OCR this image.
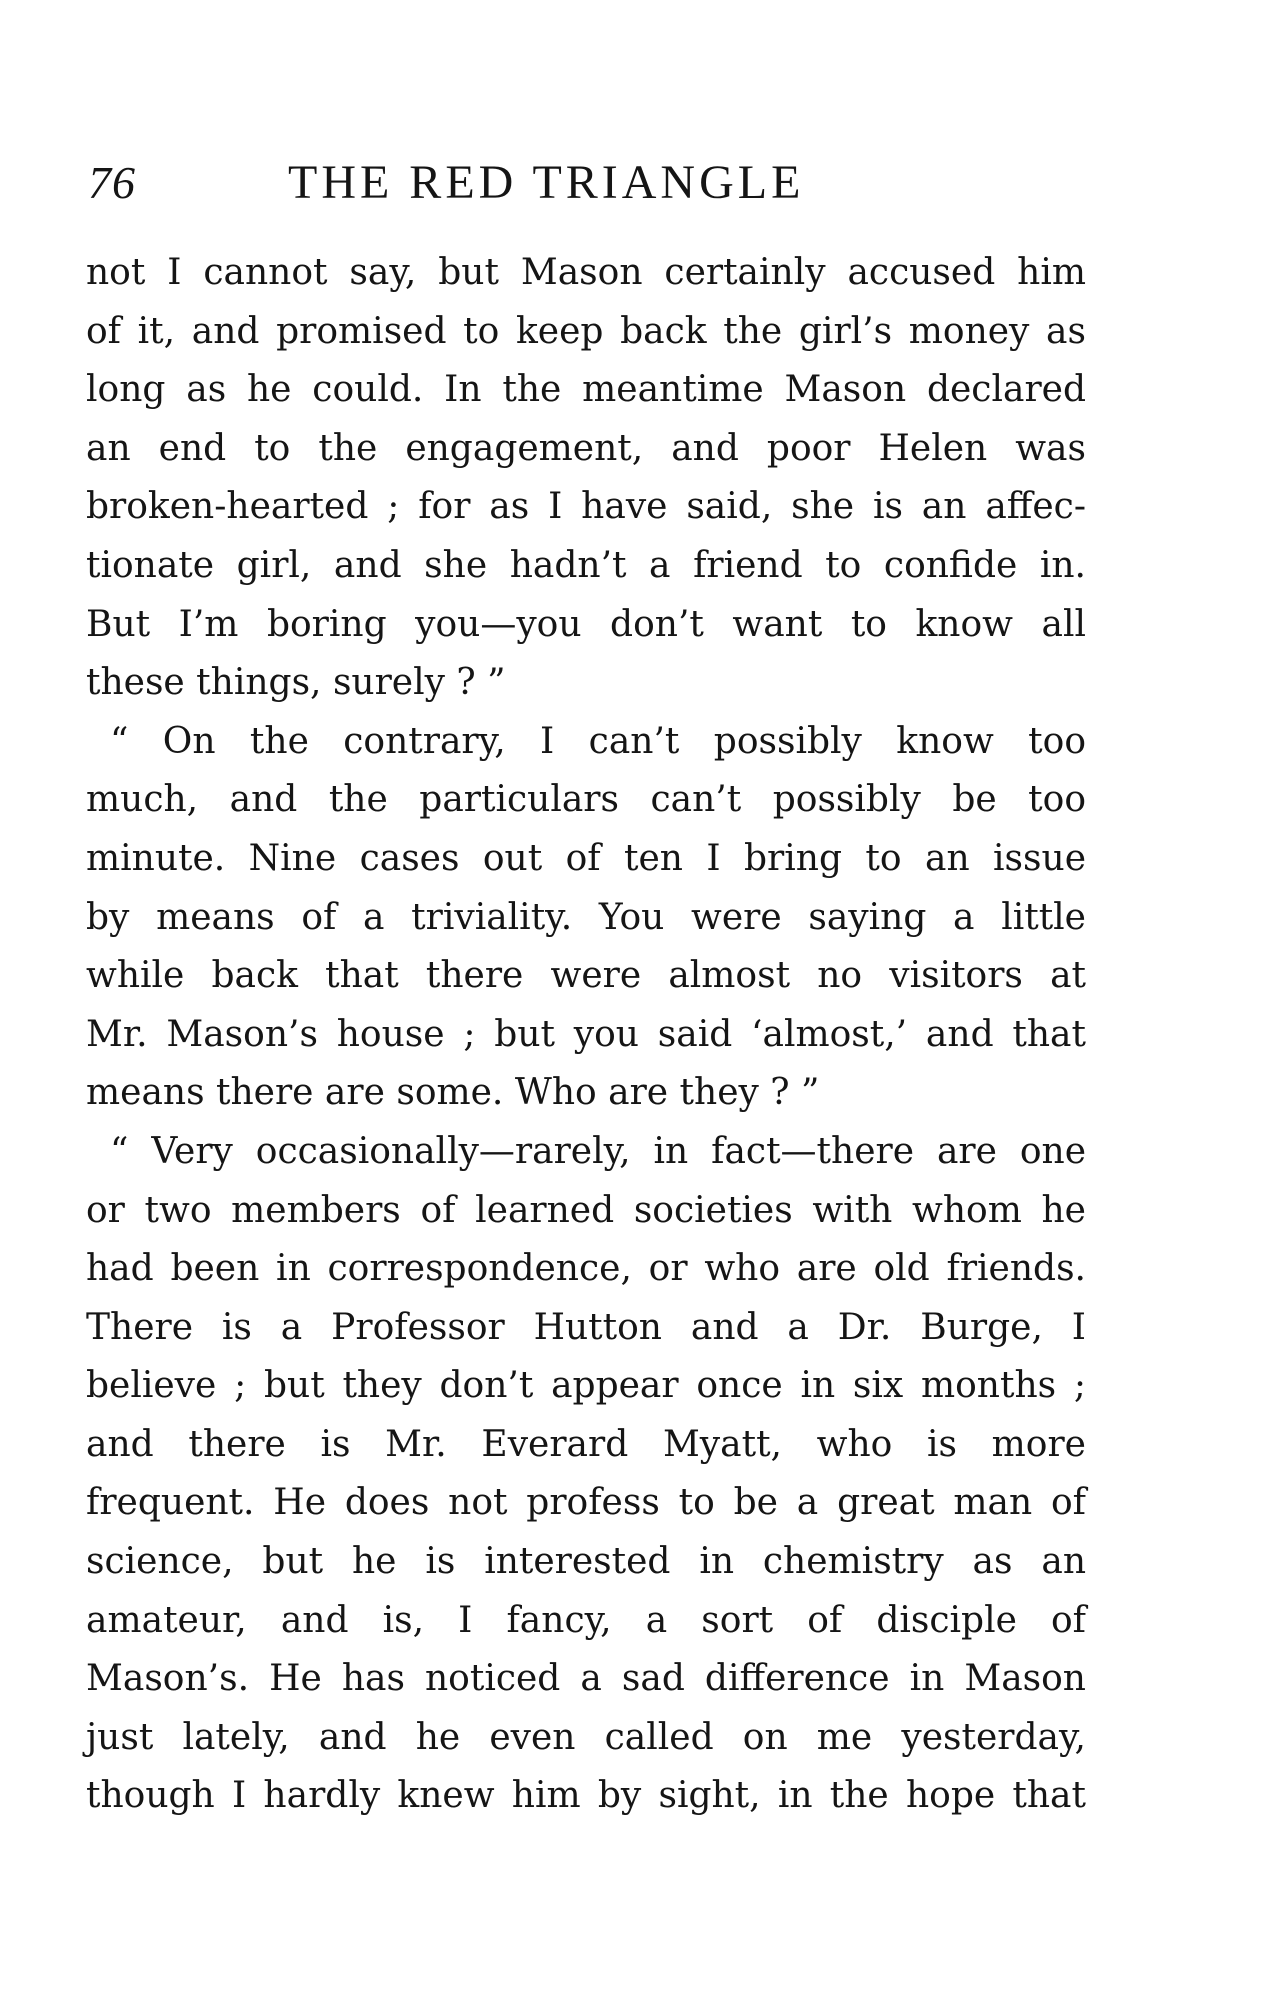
76	THE RED TRIANGLE
not I cannot say, but Mason certainly accused him
of it, and promised to keep back the girl’s money as
long as he could. In the meantime Mason declared
an end to the engagement, and poor Helen was
broken-hearted ; for as I have said, she is an affec-
tionate girl, and she hadn’t a friend to confide in.
But I’m boring you—you don’t want to know all
these things, surely ? ”
“ On the contrary, I can’t possibly know too
much, and the particulars can’t possibly be too
minute. Nine cases out of ten I bring to an issue
by means of a triviality. You were saying a little
while back that there were almost no visitors at
Mr. Mason’s house ; but you said ‘almost,’ and that
means there are some. Who are they ? ”
“ Very occasionally—rarely, in fact—there are one
or two members of learned societies with whom he
had been in correspondence, or who are old friends.
There is a Professor Hutton and a Dr. Burge, I
believe ; but they don’t appear once in six months ;
and there is Mr. Everard Myatt, who is more
frequent. He does not profess to be a great man of
science, but he is interested in chemistry as an
amateur, and is, I fancy, a sort of disciple of
Mason’s. He has noticed a sad difference in Mason
just lately, and he even called on me yesterday,
though I hardly knew him by sight, in the hope that
